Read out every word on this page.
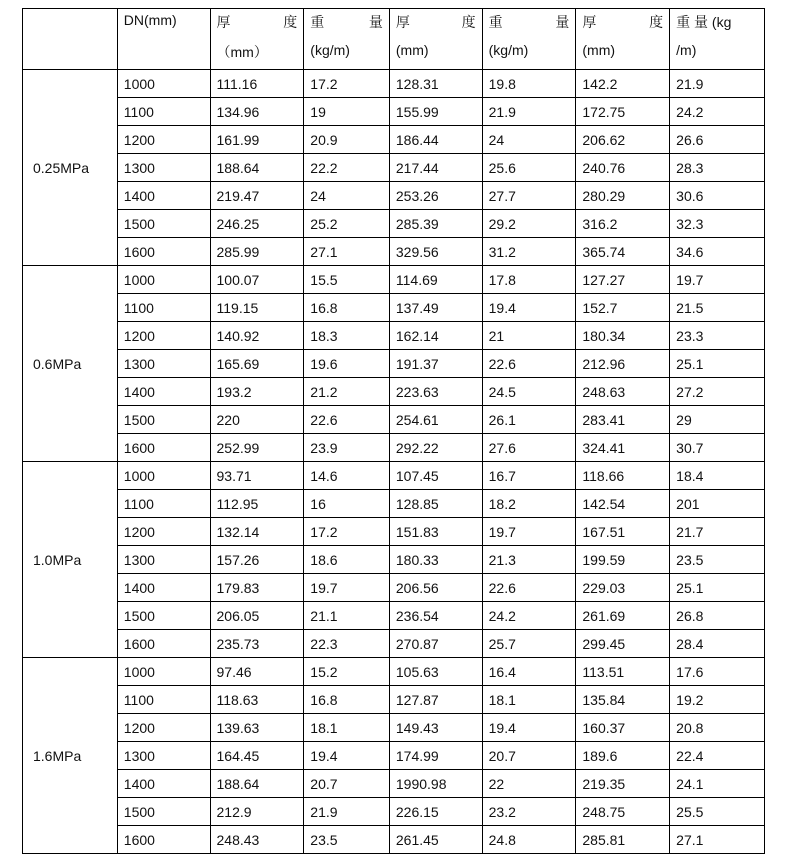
	DN(mm)	厚 度	重 量	厚 度	重 量	厚 度	重 量 (kg
		（mm）	(kg/m)	(mm)	(kg/m)	(mm)	/m)
0.25MPa	1000	111.16	17.2	128.31	19.8	142.2	21.9
	1100	134.96	19	155.99	21.9	172.75	24.2
	1200	161.99	20.9	186.44	24	206.62	26.6
	1300	188.64	22.2	217.44	25.6	240.76	28.3
	1400	219.47	24	253.26	27.7	280.29	30.6
	1500	246.25	25.2	285.39	29.2	316.2	32.3
	1600	285.99	27.1	329.56	31.2	365.74	34.6
0.6MPa	1000	100.07	15.5	114.69	17.8	127.27	19.7
	1100	119.15	16.8	137.49	19.4	152.7	21.5
	1200	140.92	18.3	162.14	21	180.34	23.3
	1300	165.69	19.6	191.37	22.6	212.96	25.1
	1400	193.2	21.2	223.63	24.5	248.63	27.2
	1500	220	22.6	254.61	26.1	283.41	29
	1600	252.99	23.9	292.22	27.6	324.41	30.7
1.0MPa	1000	93.71	14.6	107.45	16.7	118.66	18.4
	1100	112.95	16	128.85	18.2	142.54	201
	1200	132.14	17.2	151.83	19.7	167.51	21.7
	1300	157.26	18.6	180.33	21.3	199.59	23.5
	1400	179.83	19.7	206.56	22.6	229.03	25.1
	1500	206.05	21.1	236.54	24.2	261.69	26.8
	1600	235.73	22.3	270.87	25.7	299.45	28.4
1.6MPa	1000	97.46	15.2	105.63	16.4	113.51	17.6
	1100	118.63	16.8	127.87	18.1	135.84	19.2
	1200	139.63	18.1	149.43	19.4	160.37	20.8
	1300	164.45	19.4	174.99	20.7	189.6	22.4
	1400	188.64	20.7	1990.98	22	219.35	24.1
	1500	212.9	21.9	226.15	23.2	248.75	25.5
	1600	248.43	23.5	261.45	24.8	285.81	27.1
